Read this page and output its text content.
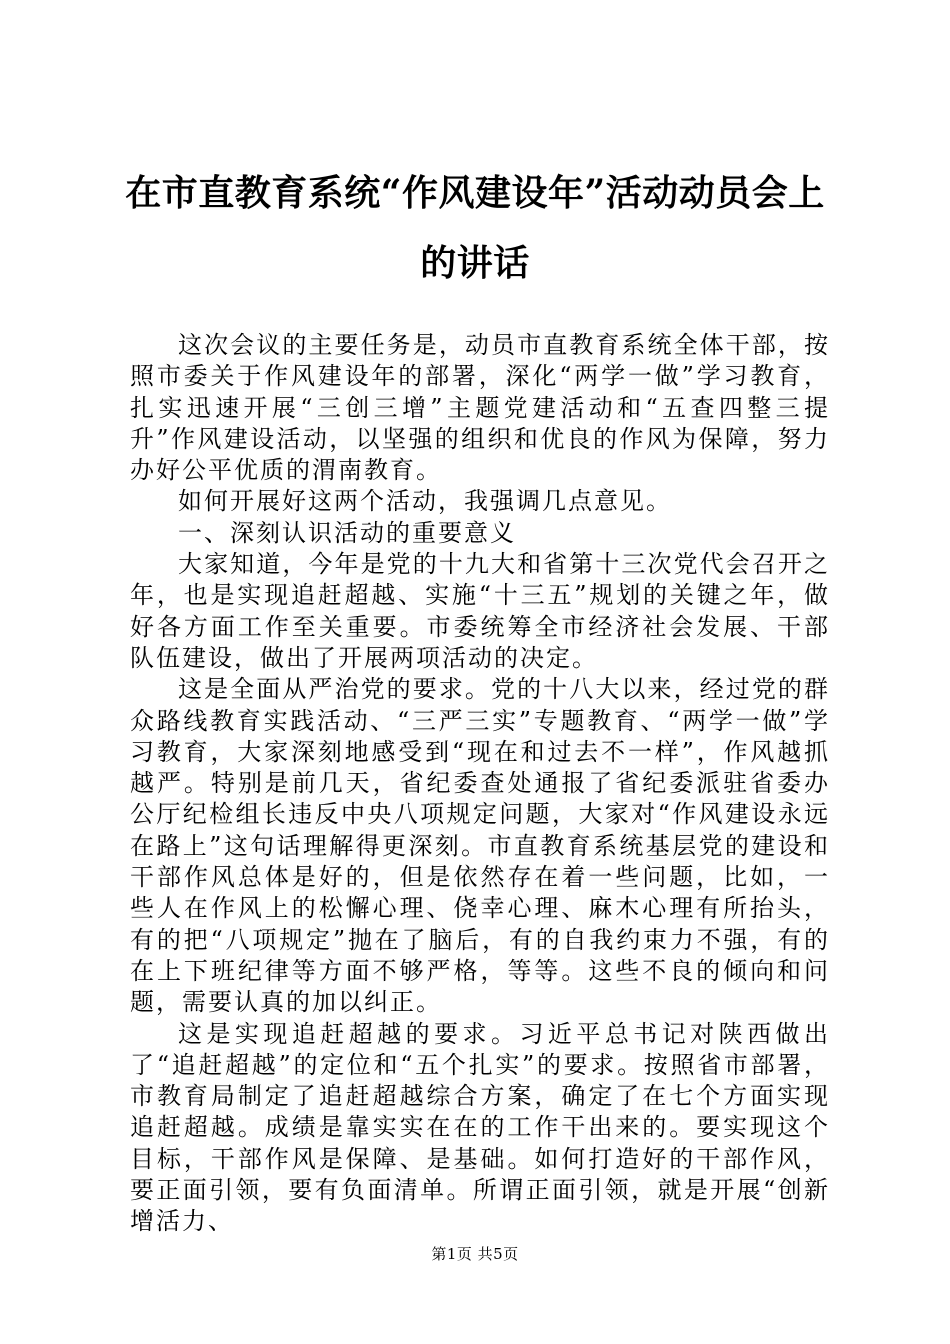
在市直教育系统“作风建设年”活动动员会上
的讲话

这次会议的主要任务是，动员市直教育系统全体干部，按照市委关于作风建设年的部署，深化“两学一做”学习教育，扎实迅速开展“三创三增”主题党建活动和“五查四整三提升”作风建设活动，以坚强的组织和优良的作风为保障，努力办好公平优质的渭南教育。

如何开展好这两个活动，我强调几点意见。

一、深刻认识活动的重要意义

大家知道，今年是党的十九大和省第十三次党代会召开之年，也是实现追赶超越、实施“十三五”规划的关键之年，做好各方面工作至关重要。市委统筹全市经济社会发展、干部队伍建设，做出了开展两项活动的决定。

这是全面从严治党的要求。党的十八大以来，经过党的群众路线教育实践活动、“三严三实”专题教育、“两学一做”学习教育，大家深刻地感受到“现在和过去不一样”，作风越抓越严。特别是前几天，省纪委查处通报了省纪委派驻省委办公厅纪检组长违反中央八项规定问题，大家对“作风建设永远在路上”这句话理解得更深刻。市直教育系统基层党的建设和干部作风总体是好的，但是依然存在着一些问题，比如，一些人在作风上的松懈心理、侥幸心理、麻木心理有所抬头，有的把“八项规定”抛在了脑后，有的自我约束力不强，有的在上下班纪律等方面不够严格，等等。这些不良的倾向和问题，需要认真的加以纠正。

这是实现追赶超越的要求。习近平总书记对陕西做出了“追赶超越”的定位和“五个扎实”的要求。按照省市部署，市教育局制定了追赶超越综合方案，确定了在七个方面实现追赶超越。成绩是靠实实在在的工作干出来的。要实现这个目标，干部作风是保障、是基础。如何打造好的干部作风，要正面引领，要有负面清单。所谓正面引领，就是开展“创新增活力、

第1页 共5页
